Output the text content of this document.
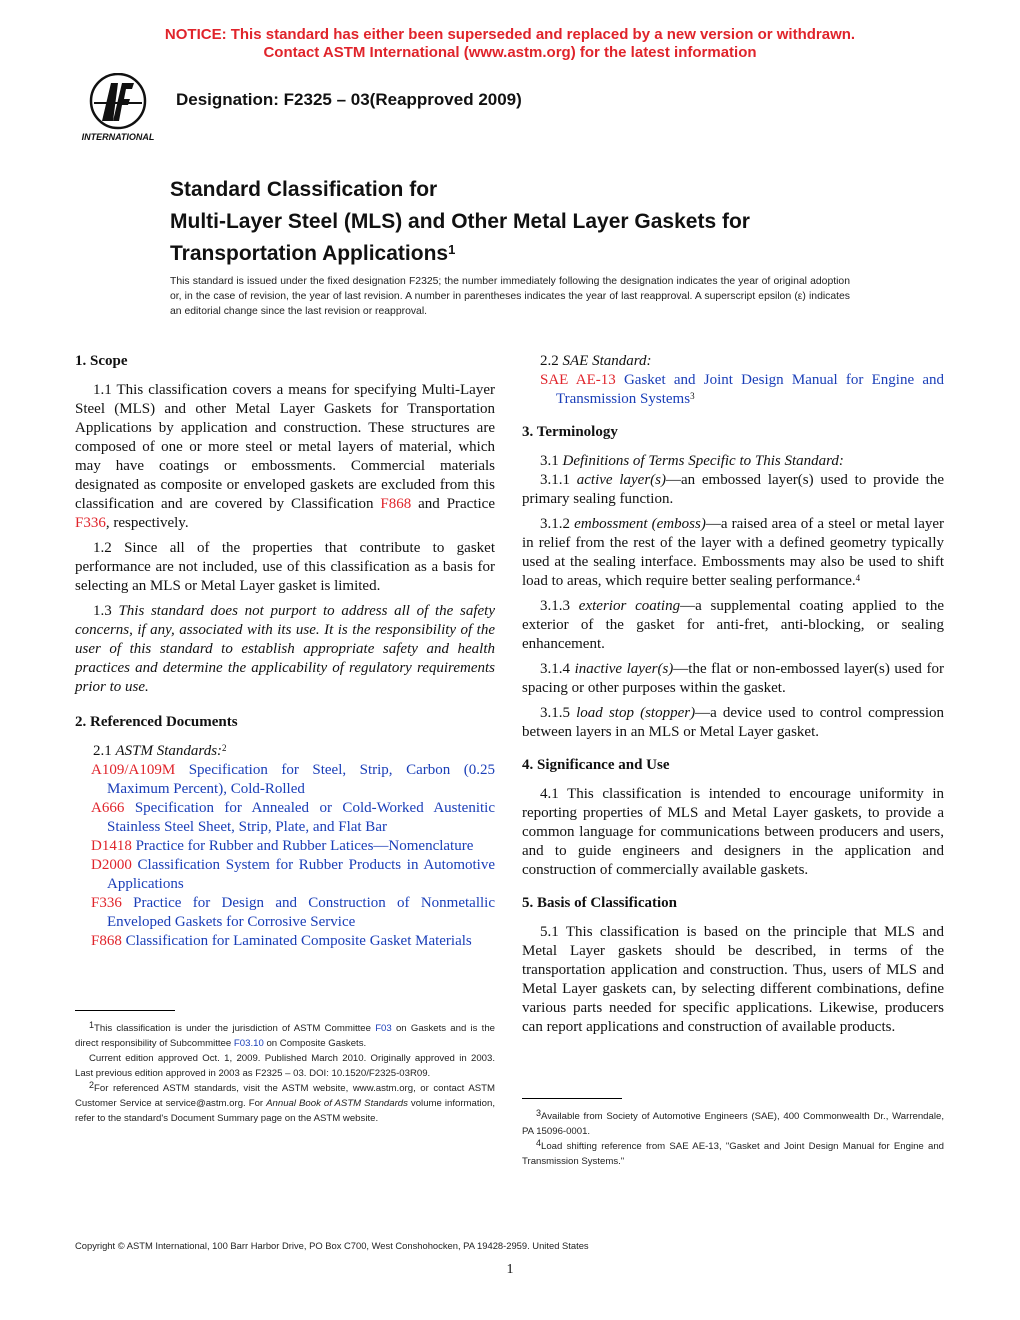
NOTICE: This standard has either been superseded and replaced by a new version or withdrawn.
Contact ASTM International (www.astm.org) for the latest information
INTERNATIONAL
Designation: F2325 – 03(Reapproved 2009)
Standard Classification for
Multi-Layer Steel (MLS) and Other Metal Layer Gaskets for
Transportation Applications$^1$
This standard is issued under the fixed designation F2325; the number immediately following the designation indicates the year of original adoption or, in the case of revision, the year of last revision. A number in parentheses indicates the year of last reapproval. A superscript epsilon (ε) indicates an editorial change since the last revision or reapproval.
1. Scope

1.1 This classification covers a means for specifying Multi-Layer Steel (MLS) and other Metal Layer Gaskets for Transportation Applications by application and construction. These structures are composed of one or more steel or metal layers of material, which may have coatings or embossments. Commercial materials designated as composite or enveloped gaskets are excluded from this classification and are covered by Classification F868 and Practice F336, respectively.

1.2 Since all of the properties that contribute to gasket performance are not included, use of this classification as a basis for selecting an MLS or Metal Layer gasket is limited.

1.3 This standard does not purport to address all of the safety concerns, if any, associated with its use. It is the responsibility of the user of this standard to establish appropriate safety and health practices and determine the applicability of regulatory requirements prior to use.

2. Referenced Documents

2.1 ASTM Standards:$^2$

A109/A109M Specification for Steel, Strip, Carbon (0.25 Maximum Percent), Cold-Rolled

A666 Specification for Annealed or Cold-Worked Austenitic Stainless Steel Sheet, Strip, Plate, and Flat Bar

D1418 Practice for Rubber and Rubber Latices—Nomenclature

D2000 Classification System for Rubber Products in Automotive Applications

F336 Practice for Design and Construction of Nonmetallic Enveloped Gaskets for Corrosive Service

F868 Classification for Laminated Composite Gasket Materials

$^1$This classification is under the jurisdiction of ASTM Committee F03 on Gaskets and is the direct responsibility of Subcommittee F03.10 on Composite Gaskets.
Current edition approved Oct. 1, 2009. Published March 2010. Originally approved in 2003. Last previous edition approved in 2003 as F2325 – 03. DOI: 10.1520/F2325-03R09.
$^2$For referenced ASTM standards, visit the ASTM website, www.astm.org, or contact ASTM Customer Service at service@astm.org. For Annual Book of ASTM Standards volume information, refer to the standard's Document Summary page on the ASTM website.

2.2 SAE Standard:

SAE AE-13 Gasket and Joint Design Manual for Engine and Transmission Systems$^3$

3. Terminology

3.1 Definitions of Terms Specific to This Standard:

3.1.1 active layer(s)—an embossed layer(s) used to provide the primary sealing function.

3.1.2 embossment (emboss)—a raised area of a steel or metal layer in relief from the rest of the layer with a defined geometry typically used at the sealing interface. Embossments may also be used to shift load to areas, which require better sealing performance.$^4$

3.1.3 exterior coating—a supplemental coating applied to the exterior of the gasket for anti-fret, anti-blocking, or sealing enhancement.

3.1.4 inactive layer(s)—the flat or non-embossed layer(s) used for spacing or other purposes within the gasket.

3.1.5 load stop (stopper)—a device used to control compression between layers in an MLS or Metal Layer gasket.

4. Significance and Use

4.1 This classification is intended to encourage uniformity in reporting properties of MLS and Metal Layer gaskets, to provide a common language for communications between producers and users, and to guide engineers and designers in the application and construction of commercially available gaskets.

5. Basis of Classification

5.1 This classification is based on the principle that MLS and Metal Layer gaskets should be described, in terms of the transportation application and construction. Thus, users of MLS and Metal Layer gaskets can, by selecting different combinations, define various parts needed for specific applications. Likewise, producers can report applications and construction of available products.

$^3$Available from Society of Automotive Engineers (SAE), 400 Commonwealth Dr., Warrendale, PA 15096-0001.
$^4$Load shifting reference from SAE AE-13, "Gasket and Joint Design Manual for Engine and Transmission Systems."
Copyright © ASTM International, 100 Barr Harbor Drive, PO Box C700, West Conshohocken, PA 19428-2959. United States
1
